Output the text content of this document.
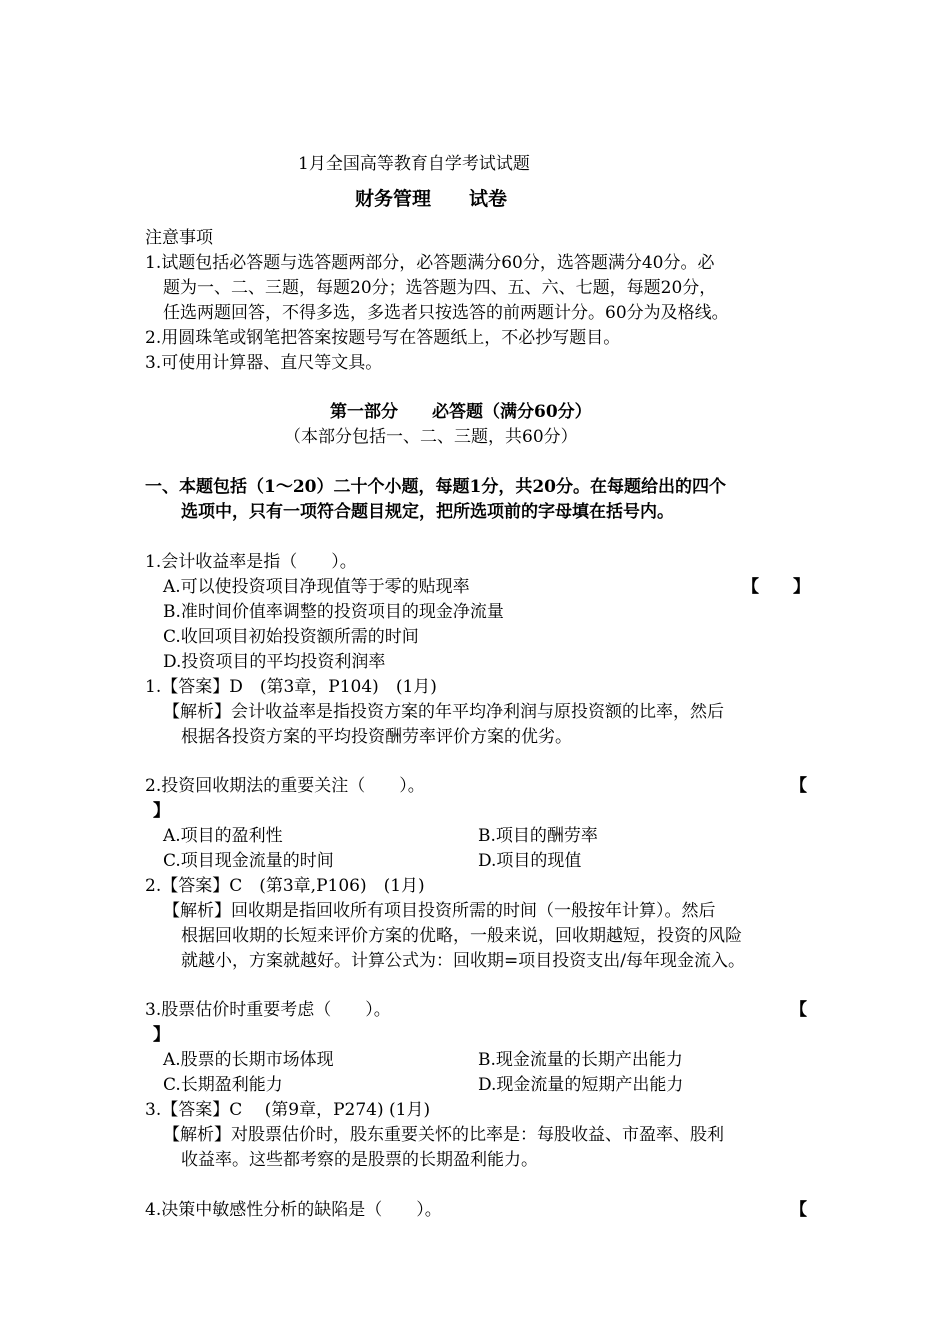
1月全国高等教育自学考试试题
财务管理　　试卷
注意事项
1.试题包括必答题与选答题两部分，必答题满分60分，选答题满分40分。必
题为一、二、三题，每题20分；选答题为四、五、六、七题，每题20分，
任选两题回答，不得多选，多选者只按选答的前两题计分。60分为及格线。
2.用圆珠笔或钢笔把答案按题号写在答题纸上，不必抄写题目。
3.可使用计算器、直尺等文具。
第一部分　　必答题（满分60分）
（本部分包括一、二、三题，共60分）
一、本题包括（1～20）二十个小题，每题1分，共20分。在每题给出的四个
选项中，只有一项符合题目规定，把所选项前的字母填在括号内。
1.会计收益率是指（　　）。
A.可以使投资项目净现值等于零的贴现率	【　　】
B.准时间价值率调整的投资项目的现金净流量
C.收回项目初始投资额所需的时间
D.投资项目的平均投资利润率
1.【答案】D　(第3章，P104)　(1月)
【解析】会计收益率是指投资方案的年平均净利润与原投资额的比率，然后
根据各投资方案的平均投资酬劳率评价方案的优劣。
2.投资回收期法的重要关注（　　）。	【
】
A.项目的盈利性	B.项目的酬劳率
C.项目现金流量的时间	D.项目的现值
2.【答案】C　(第3章,P106)　(1月)
【解析】回收期是指回收所有项目投资所需的时间（一般按年计算）。然后
根据回收期的长短来评价方案的优略，一般来说，回收期越短，投资的风险
就越小，方案就越好。计算公式为：回收期=项目投资支出/每年现金流入。
3.股票估价时重要考虑（　　）。	【
】
A.股票的长期市场体现	B.现金流量的长期产出能力
C.长期盈利能力	D.现金流量的短期产出能力
3.【答案】C　 (第9章，P274) (1月)
【解析】对股票估价时，股东重要关怀的比率是：每股收益、市盈率、股利
收益率。这些都考察的是股票的长期盈利能力。
4.决策中敏感性分析的缺陷是（　　）。	【
